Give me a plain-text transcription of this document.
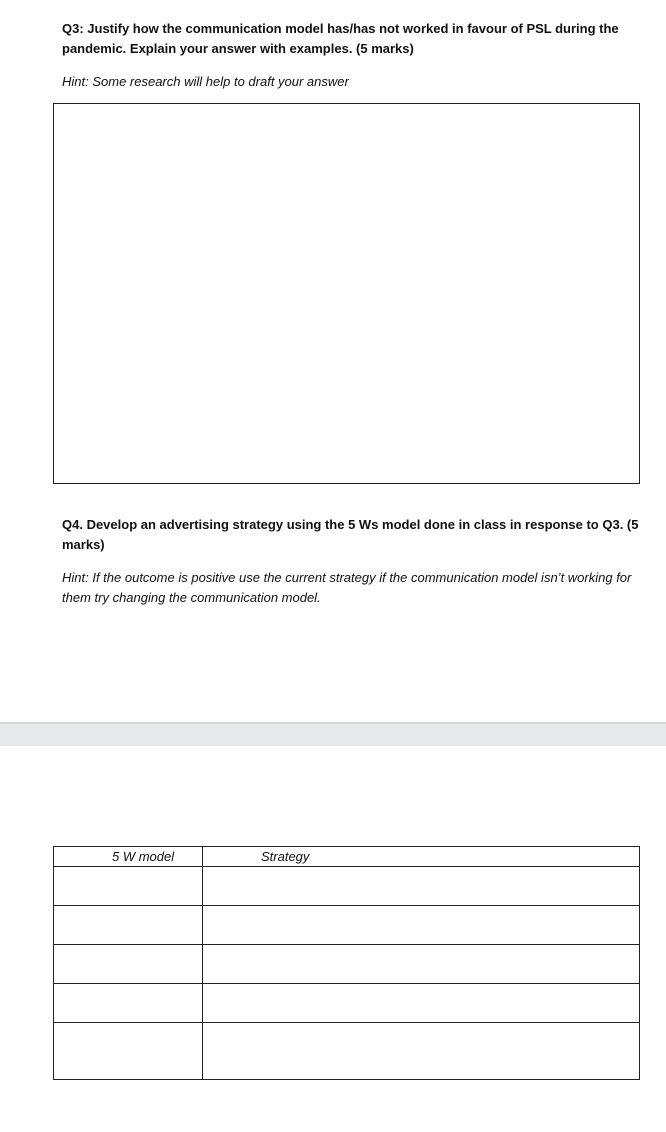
Q3: Justify how the communication model has/has not worked in favour of PSL during the pandemic. Explain your answer with examples. (5 marks)

Hint: Some research will help to draft your answer

Q4. Develop an advertising strategy using the 5 Ws model done in class in response to Q3. (5 marks)

Hint: If the outcome is positive use the current strategy if the communication model isn’t working for them try changing the communication model.

5 W model	Strategy
